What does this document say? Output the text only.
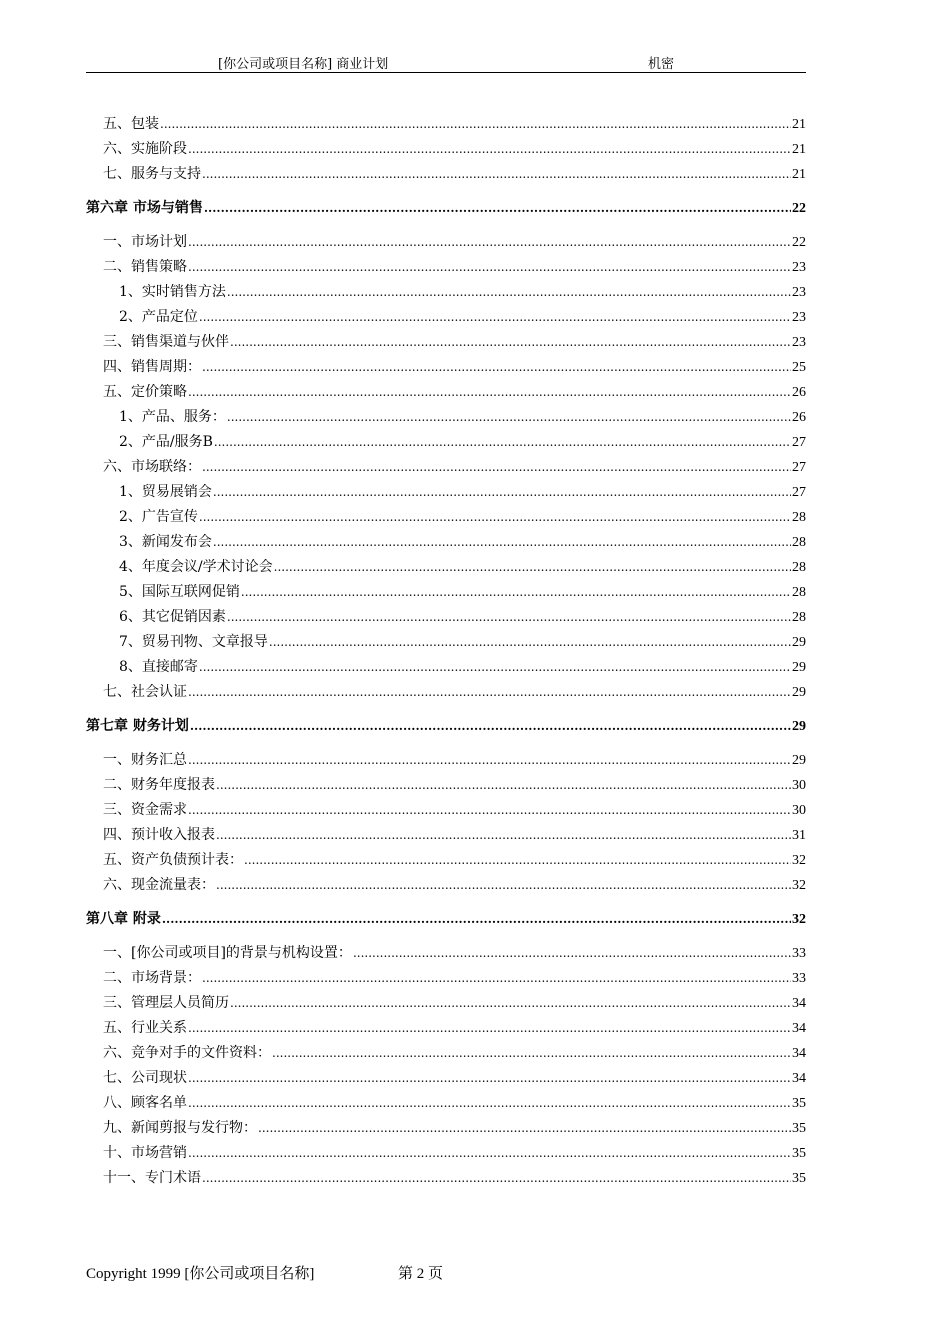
[你公司或项目名称] 商业计划	机密
五、包装 .....	21
六、实施阶段 .....	21
七、服务与支持 .....	21
第六章 市场与销售 .....	22
一、市场计划 .....	22
二、销售策略 .....	23
1、实时销售方法 .....	23
2、产品定位 .....	23
三、销售渠道与伙伴 .....	23
四、销售周期： .....	25
五、定价策略 .....	26
1、产品、服务： .....	26
2、产品/服务B .....	27
六、市场联络： .....	27
1、贸易展销会 .....	27
2、广告宣传 .....	28
3、新闻发布会 .....	28
4、年度会议/学术讨论会 .....	28
5、国际互联网促销 .....	28
6、其它促销因素 .....	28
7、贸易刊物、文章报导 .....	29
8、直接邮寄 .....	29
七、社会认证 .....	29
第七章 财务计划 .....	29
一、财务汇总 .....	29
二、财务年度报表 .....	30
三、资金需求 .....	30
四、预计收入报表 .....	31
五、资产负债预计表： .....	32
六、现金流量表： .....	32
第八章 附录 .....	32
一、[你公司或项目]的背景与机构设置： .....	33
二、市场背景： .....	33
三、管理层人员简历 .....	34
五、行业关系 .....	34
六、竞争对手的文件资料： .....	34
七、公司现状 .....	34
八、顾客名单 .....	35
九、新闻剪报与发行物： .....	35
十、市场营销 .....	35
十一、专门术语 .....	35
Copyright 1999 [你公司或项目名称]	第 2 页
